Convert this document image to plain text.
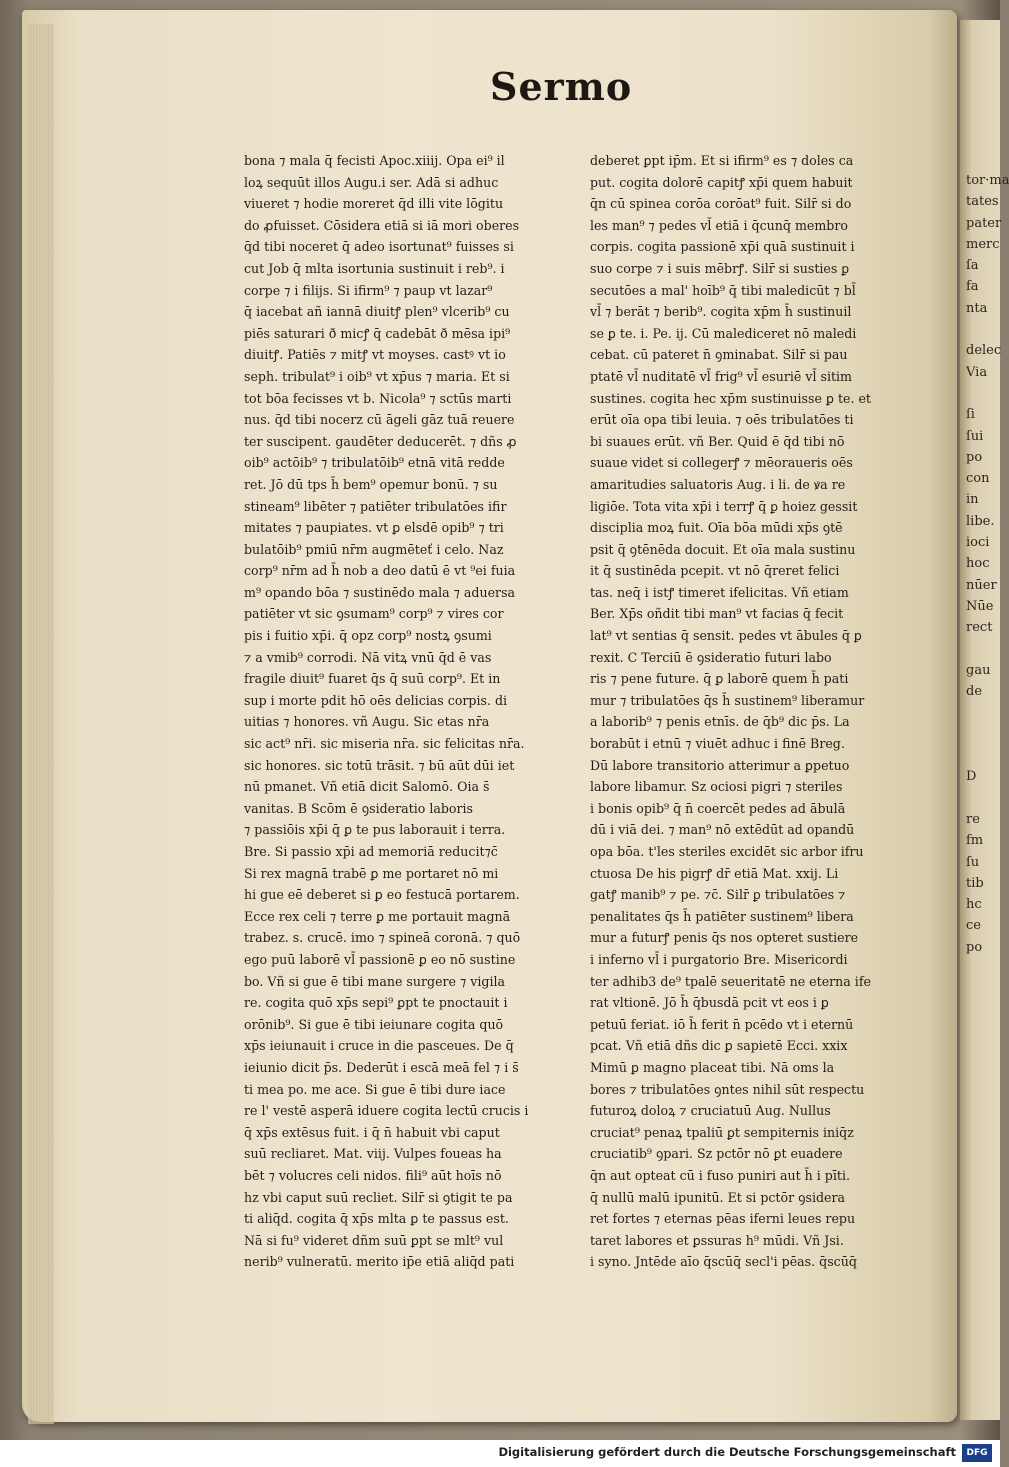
tor·ma
tates
pater
merc
ſa
fa
nta

delec
Via

ſi
ſui
po
con
in
libe.
ioci
hoc
nūer
Nūe
rect

gau
de

D

re
fm
ſu
tib
hc
ce
po
Sermo
bona ⁊ mala q̄ fecisti Apoc.xiiij. Opa ei⁹ il
loꝝ sequūt illos Augu.i ser. Adā si adhuc
viueret ⁊ hodie moreret q̄d illi vite lōgitu
do ꝓfuisset. Cōsidera etiā si iā mori oberes
q̄d tibi noceret q̄ adeo isortunat⁹ fuisses si
cut Job q̄ mlta isortunia sustinuit i reb⁹. i
corpe ⁊ i filijs. Si ifirm⁹ ⁊ paup vt lazar⁹
q̄ iacebat añ iannā diuitꝭ plen⁹ vlcerib⁹ cu
piēs saturari ð micꝭ q̄ cadebāt ð mēsa ipi⁹
diuitꝭ. Patiēs ⁊ mitꝭ vt moyses. castꝰ vt io
seph. tribulat⁹ i oib⁹ vt xp̄us ⁊ maria. Et si
tot bōa fecisses vt b. Nicola⁹ ⁊ sctūs marti
nus. q̄d tibi nocerz cū āgeli gāz tuā reuere
ter suscipent. gaudēter deducerēt. ⁊ dñs ꝓ
oib⁹ actōib⁹ ⁊ tribulatōib⁹ etnā vitā redde
ret. Jō dū tps h̄ bem⁹ opemur bonū. ⁊ su
stineam⁹ libēter ⁊ patiēter tribulatōes ifir
mitates ⁊ paupiates. vt ꝑ elsdē opib⁹ ⁊ tri
bulatōib⁹ pmiū nr̄m augmēteť i celo. Naz
corp⁹ nr̄m ad h̄ nob a deo datū ē vt ⁹ei fuia
m⁹ opando bōa ⁊ sustinēdo mala ⁊ aduersa
patiēter vt sic ꝯsumam⁹ corp⁹ ⁊ vires cor
pis i fuitio xp̄i. q̄ opz corp⁹ nostꝝ ꝯsumi
⁊ a vmib⁹ corrodi. Nā vitꝝ vnū q̄d ē vas
fragile diuit⁹ fuaret q̄s q̄ suū corp⁹. Et in
sup i morte pdit hō oēs delicias corpis. di
uitias ⁊ honores. vñ Augu. Sic etas nr̄a
sic act⁹ nr̄i. sic miseria nr̄a. sic felicitas nr̄a.
sic honores. sic totū trāsit. ⁊ bū aūt dūi iet
nū pmanet. Vñ etiā dicit Salomō. Oia s̄
vanitas. B Scōm ē ꝯsideratio laboris
⁊ passiōis xp̄i q̄ ꝑ te pus laborauit i terra.
Bre. Si passio xp̄i ad memoriā reducit⁊c̄
Si rex magnā trabē ꝑ me portaret nō mi
hi gue eē deberet si ꝑ eo festucā portarem.
Ecce rex celi ⁊ terre ꝑ me portauit magnā
trabez. s. crucē. imo ⁊ spineā coronā. ⁊ quō
ego puū laborē vl̄ passionē ꝑ eo nō sustine
bo. Vñ si gue ē tibi mane surgere ⁊ vigila
re. cogita quō xp̄s sepi⁹ ꝑpt te pnoctauit i
orōnib⁹. Si gue ē tibi ieiunare cogita quō
xp̄s ieiunauit i cruce in die pasceues. De q̄
ieiunio dicit p̄s. Dederūt i escā meā fel ⁊ i s̄
ti mea po. me ace. Si gue ē tibi dure iace
re l' vestē asperā iduere cogita lectū crucis i
q̄ xp̄s extēsus fuit. i q̄ n̄ habuit vbi caput
suū recliaret. Mat. viij. Vulpes foueas ha
bēt ⁊ volucres celi nidos. fili⁹ aūt hoīs nō
hz vbi caput suū recliet. Silr̄ si ꝯtigit te pa
ti aliq̄d. cogita q̄ xp̄s mlta ꝑ te passus est.
Nā si fu⁹ videret dñm suū ꝑpt se mlt⁹ vul
nerib⁹ vulneratū. merito ip̄e etiā aliq̄d pati
deberet ꝑpt ip̄m. Et si ifirm⁹ es ⁊ doles ca
put. cogita dolorē capitꝭ xp̄i quem habuit
q̄n cū spinea corōa corōat⁹ fuit. Silr̄ si do
les man⁹ ⁊ pedes vl̄ etiā i q̄cunq̄ membro
corpis. cogita passionē xp̄i quā sustinuit i
suo corpe ⁊ i suis mēbrꝭ. Silr̄ si susties ꝑ
secutōes a mal' hoīb⁹ q̄ tibi maledicūt ⁊ bl̄
vl̄ ⁊ berāt ⁊ berib⁹. cogita xp̄m h̄ sustinuil
se ꝑ te. i. Pe. ij. Cū malediceret nō maledi
cebat. cū pateret n̄ ꝯminabat. Silr̄ si pau
ptatē vl̄ nuditatē vl̄ frig⁹ vl̄ esuriē vl̄ sitim
sustines. cogita hec xp̄m sustinuisse ꝑ te. et
erūt oīa opa tibi leuia. ⁊ oēs tribulatōes ti
bi suaues erūt. vñ Ber. Quid ē q̄d tibi nō
suaue videt si collegerꝭ ⁊ mēoraueris oēs
amaritudies saluatoris Aug. i li. de ꝟa re
ligiōe. Tota vita xp̄i i terrꝭ q̄ ꝑ hoiez gessit
disciplia moꝝ fuit. Oīa bōa mūdi xp̄s ꝯtē
psit q̄ ꝯtēnēda docuit. Et oīa mala sustinu
it q̄ sustinēda pcepit. vt nō q̄reret felici
tas. neq̄ i istꝭ timeret ifelicitas. Vñ etiam
Ber. Xp̄s oñdit tibi man⁹ vt facias q̄ fecit
lat⁹ vt sentias q̄ sensit. pedes vt ābules q̄ ꝑ
rexit. C Terciū ē ꝯsideratio futuri labo
ris ⁊ pene future. q̄ ꝑ laborē quem h̄ pati
mur ⁊ tribulatōes q̄s h̄ sustinem⁹ liberamur
a laborib⁹ ⁊ penis etnīs. de q̄b⁹ dic p̄s. La
borabūt i etnū ⁊ viuēt adhuc i finē Breg.
Dū labore transitorio atterimur a ꝑpetuo
labore libamur. Sz ociosi pigri ⁊ steriles
i bonis opib⁹ q̄ n̄ coercēt pedes ad ābulā
dū i viā dei. ⁊ man⁹ nō extēdūt ad opandū
opa bōa. t'les steriles excidēt sic arbor ifru
ctuosa De his pigrꝭ dr̄ etiā Mat. xxij. Li
gatꝭ manib⁹ ⁊ pe. ⁊c̄. Silr̄ ꝑ tribulatōes ⁊
penalitates q̄s h̄ patiēter sustinem⁹ libera
mur a futurꝭ penis q̄s nos opteret sustiere
i inferno vl̄ i purgatorio Bre. Misericordi
ter adhib3 de⁹ tpalē seueritatē ne eterna ife
rat vltionē. Jō h̄ q̄busdā pcit vt eos i ꝑ
petuū feriat. iō h̄ ferit n̄ pcēdo vt i eternū
pcat. Vñ etiā dñs dic ꝑ sapietē Ecci. xxix
Mimū ꝑ magno placeat tibi. Nā oms la
bores ⁊ tribulatōes ꝯntes nihil sūt respectu
futuroꝝ doloꝝ ⁊ cruciatuū Aug. Nullus
cruciat⁹ penaꝝ tpaliū ꝑt sempiternis iniq̄z
cruciatib⁹ ꝯpari. Sz pctōr nō ꝑt euadere
q̄n aut opteat cū i fuso puniri aut h̄ i pīti.
q̄ nullū malū ipunitū. Et si pctōr ꝯsidera
ret fortes ⁊ eternas pēas iferni leues repu
taret labores et ꝑssuras h⁹ mūdi. Vñ Jsi.
i syno. Jntēde aīo q̄scūq̄ secl'i pēas. q̄scūq̄
Digitalisierung gefördert durch die Deutsche Forschungsgemeinschaft	DFG
